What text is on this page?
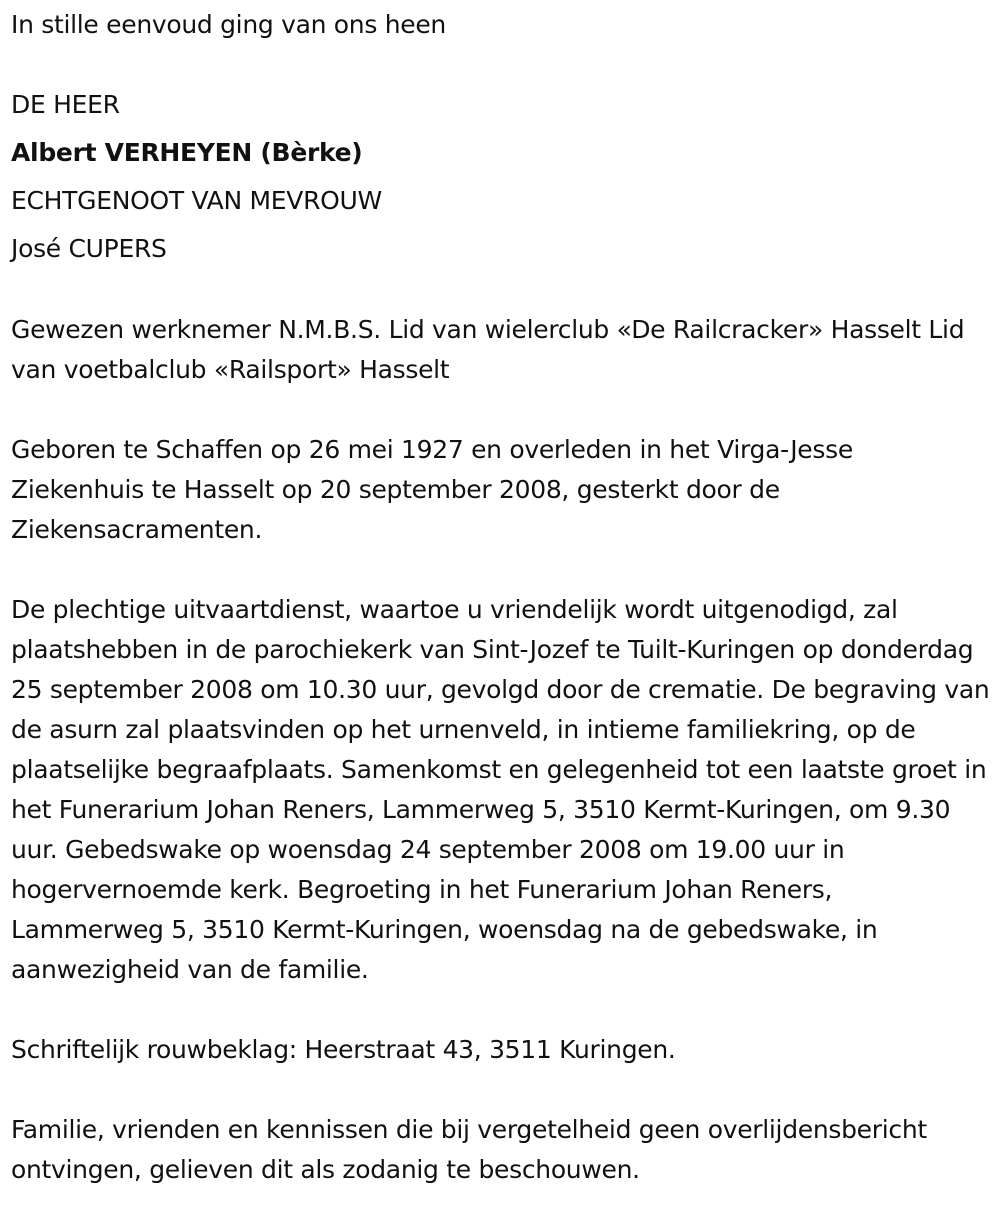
In stille eenvoud ging van ons heen
DE HEER
Albert VERHEYEN (Bèrke)
ECHTGENOOT VAN MEVROUW
José CUPERS

Gewezen werknemer N.M.B.S. Lid van wielerclub «De Railcracker» Hasselt Lid van voetbalclub «Railsport» Hasselt

Geboren te Schaffen op 26 mei 1927 en overleden in het Virga-Jesse Ziekenhuis te Hasselt op 20 september 2008, gesterkt door de Ziekensacramenten.

De plechtige uitvaartdienst, waartoe u vriendelijk wordt uitgenodigd, zal plaatshebben in de parochiekerk van Sint-Jozef te Tuilt-Kuringen op donderdag 25 september 2008 om 10.30 uur, gevolgd door de crematie. De begraving van de asurn zal plaatsvinden op het urnenveld, in intieme familiekring, op de plaatselijke begraafplaats. Samenkomst en gelegenheid tot een laatste groet in het Funerarium Johan Reners, Lammerweg 5, 3510 Kermt-Kuringen, om 9.30 uur. Gebedswake op woensdag 24 september 2008 om 19.00 uur in hogervernoemde kerk. Begroeting in het Funerarium Johan Reners, Lammerweg 5, 3510 Kermt-Kuringen, woensdag na de gebedswake, in aanwezigheid van de familie.

Schriftelijk rouwbeklag: Heerstraat 43, 3511 Kuringen.

Familie, vrienden en kennissen die bij vergetelheid geen overlijdensbericht ontvingen, gelieven dit als zodanig te beschouwen.
